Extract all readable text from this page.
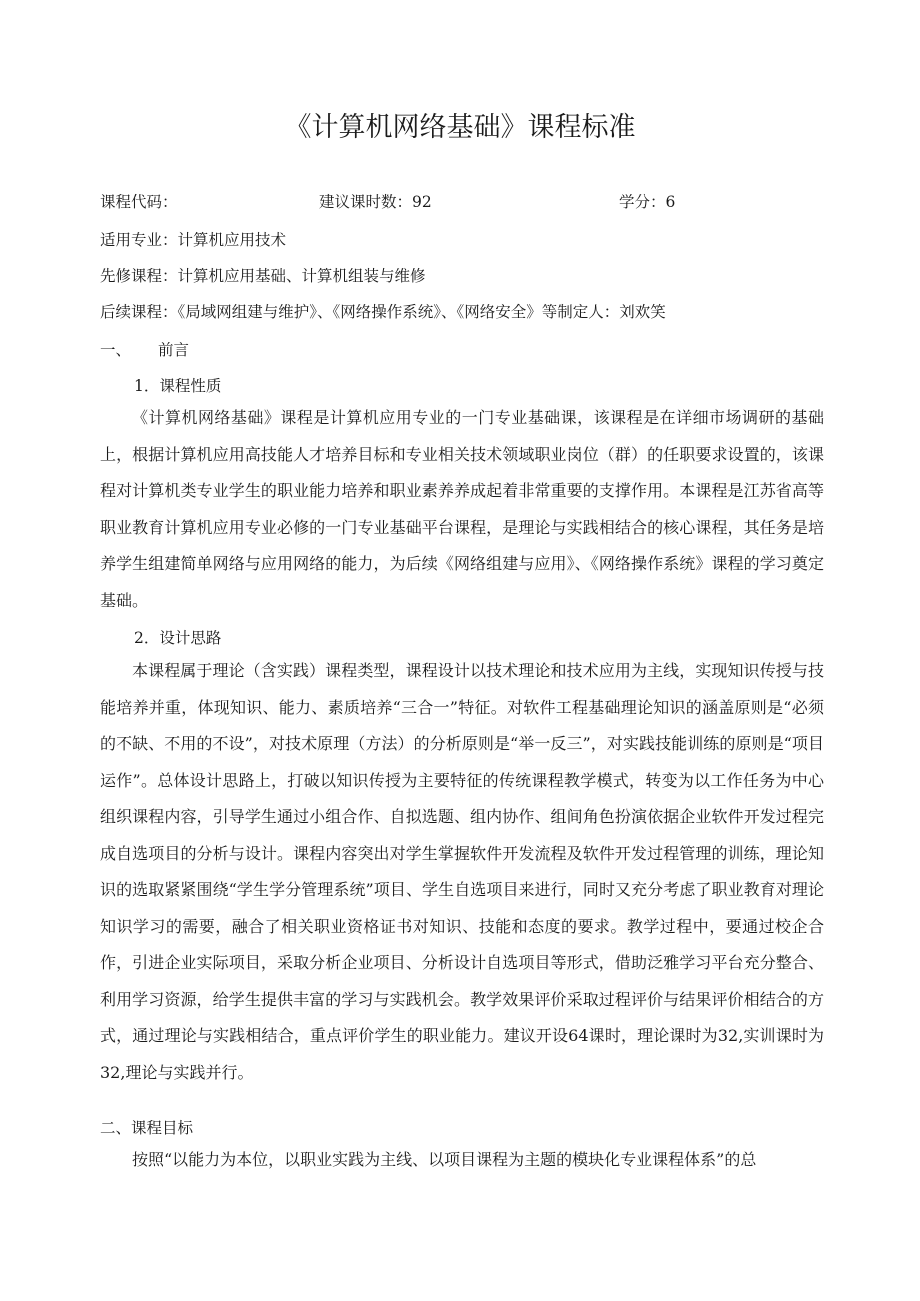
《计算机网络基础》课程标准
课程代码：	建议课时数：92	学分：6
适用专业：计算机应用技术
先修课程：计算机应用基础、计算机组装与维修
后续课程：《局域网组建与维护》、《网络操作系统》、《网络安全》等制定人：刘欢笑
一、 前言
1．课程性质
《计算机网络基础》课程是计算机应用专业的一门专业基础课，该课程是在详细市场调研的基础上，根据计算机应用高技能人才培养目标和专业相关技术领域职业岗位（群）的任职要求设置的，该课程对计算机类专业学生的职业能力培养和职业素养养成起着非常重要的支撑作用。本课程是江苏省高等职业教育计算机应用专业必修的一门专业基础平台课程，是理论与实践相结合的核心课程，其任务是培养学生组建简单网络与应用网络的能力，为后续《网络组建与应用》、《网络操作系统》课程的学习奠定基础。
2．设计思路
本课程属于理论（含实践）课程类型，课程设计以技术理论和技术应用为主线，实现知识传授与技能培养并重，体现知识、能力、素质培养“三合一”特征。对软件工程基础理论知识的涵盖原则是“必须的不缺、不用的不设”，对技术原理（方法）的分析原则是“举一反三”，对实践技能训练的原则是“项目运作”。总体设计思路上，打破以知识传授为主要特征的传统课程教学模式，转变为以工作任务为中心组织课程内容，引导学生通过小组合作、自拟选题、组内协作、组间角色扮演依据企业软件开发过程完成自选项目的分析与设计。课程内容突出对学生掌握软件开发流程及软件开发过程管理的训练，理论知识的选取紧紧围绕“学生学分管理系统”项目、学生自选项目来进行，同时又充分考虑了职业教育对理论知识学习的需要，融合了相关职业资格证书对知识、技能和态度的要求。教学过程中，要通过校企合作，引进企业实际项目，采取分析企业项目、分析设计自选项目等形式，借助泛雅学习平台充分整合、利用学习资源，给学生提供丰富的学习与实践机会。教学效果评价采取过程评价与结果评价相结合的方式，通过理论与实践相结合，重点评价学生的职业能力。建议开设64课时，理论课时为32,实训课时为32,理论与实践并行。
二、课程目标
按照“以能力为本位，以职业实践为主线、以项目课程为主题的模块化专业课程体系”的总
